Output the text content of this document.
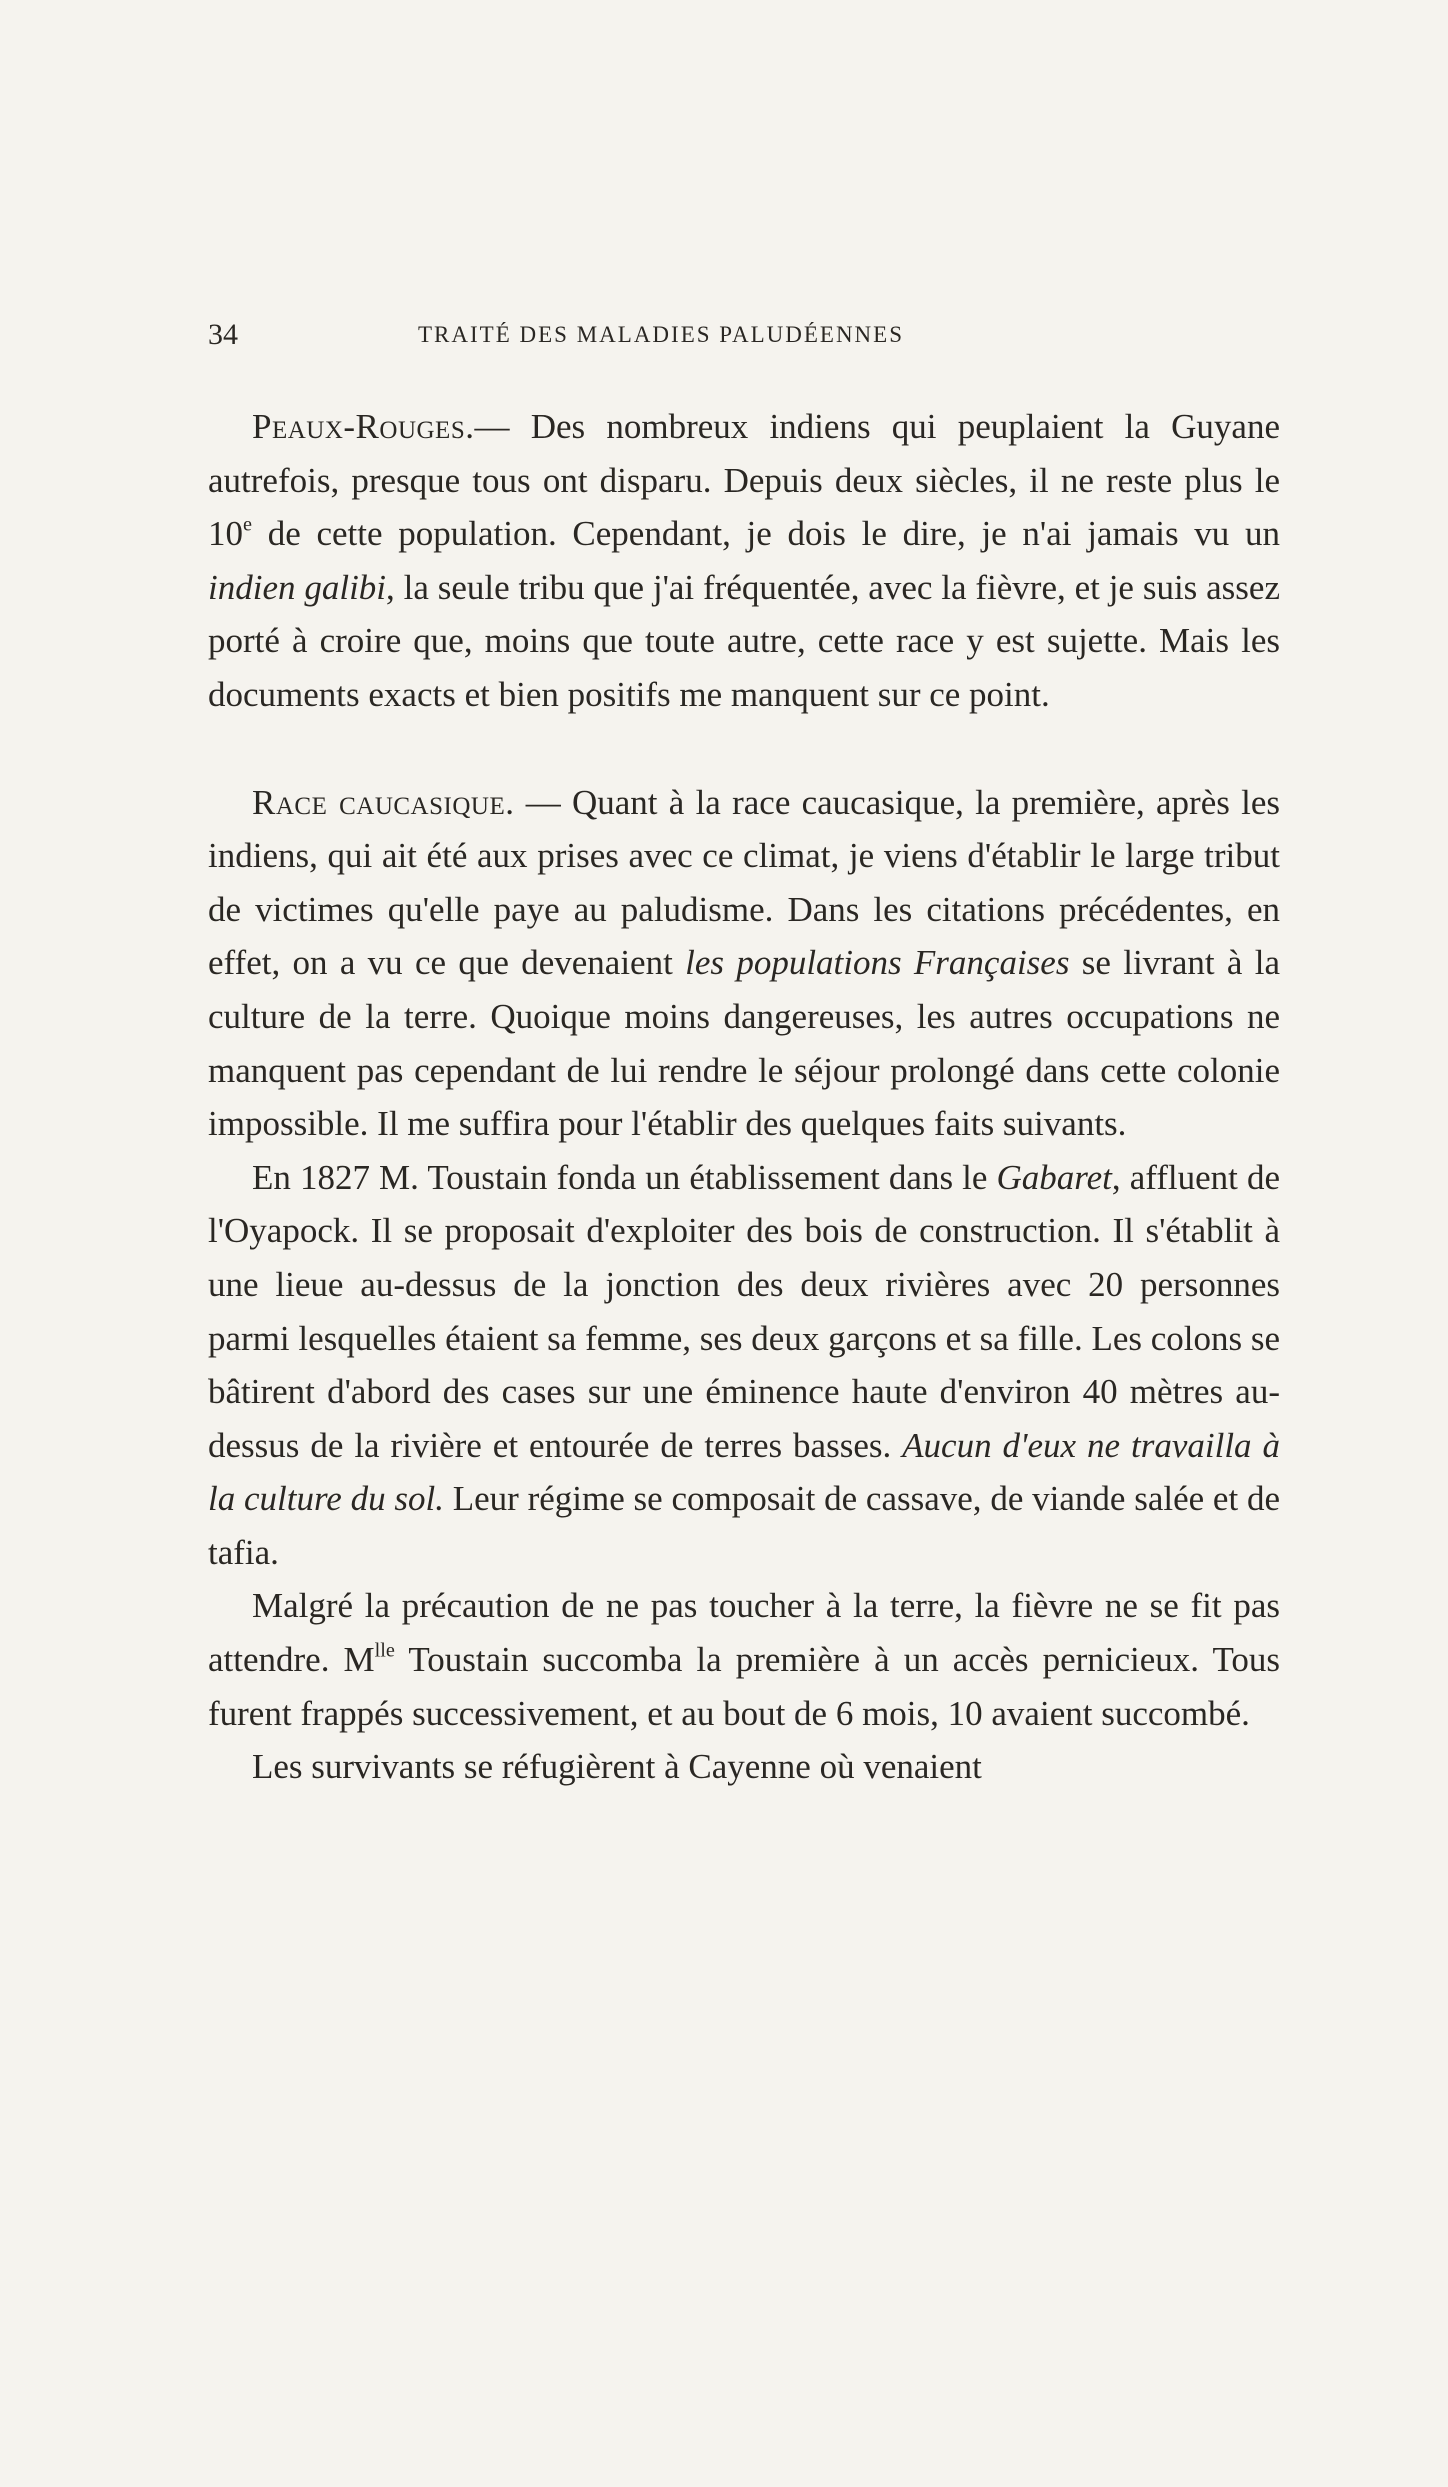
34	TRAITÉ DES MALADIES PALUDÉENNES

Peaux-Rouges.— Des nombreux indiens qui peuplaient la Guyane autrefois, presque tous ont disparu. Depuis deux siècles, il ne reste plus le 10e de cette population. Cependant, je dois le dire, je n'ai jamais vu un indien galibi, la seule tribu que j'ai fréquentée, avec la fièvre, et je suis assez porté à croire que, moins que toute autre, cette race y est sujette. Mais les documents exacts et bien positifs me manquent sur ce point.

Race caucasique. — Quant à la race caucasique, la première, après les indiens, qui ait été aux prises avec ce climat, je viens d'établir le large tribut de victimes qu'elle paye au paludisme. Dans les citations précédentes, en effet, on a vu ce que devenaient les populations Françaises se livrant à la culture de la terre. Quoique moins dangereuses, les autres occupations ne manquent pas cependant de lui rendre le séjour prolongé dans cette colonie impossible. Il me suffira pour l'établir des quelques faits suivants.

En 1827 M. Toustain fonda un établissement dans le Gabaret, affluent de l'Oyapock. Il se proposait d'exploiter des bois de construction. Il s'établit à une lieue au-dessus de la jonction des deux rivières avec 20 personnes parmi lesquelles étaient sa femme, ses deux garçons et sa fille. Les colons se bâtirent d'abord des cases sur une éminence haute d'environ 40 mètres au-dessus de la rivière et entourée de terres basses. Aucun d'eux ne travailla à la culture du sol. Leur régime se composait de cassave, de viande salée et de tafia.

Malgré la précaution de ne pas toucher à la terre, la fièvre ne se fit pas attendre. $M^{lle}$ Toustain succomba la première à un accès pernicieux. Tous furent frappés successivement, et au bout de 6 mois, 10 avaient succombé.

Les survivants se réfugièrent à Cayenne où venaient
